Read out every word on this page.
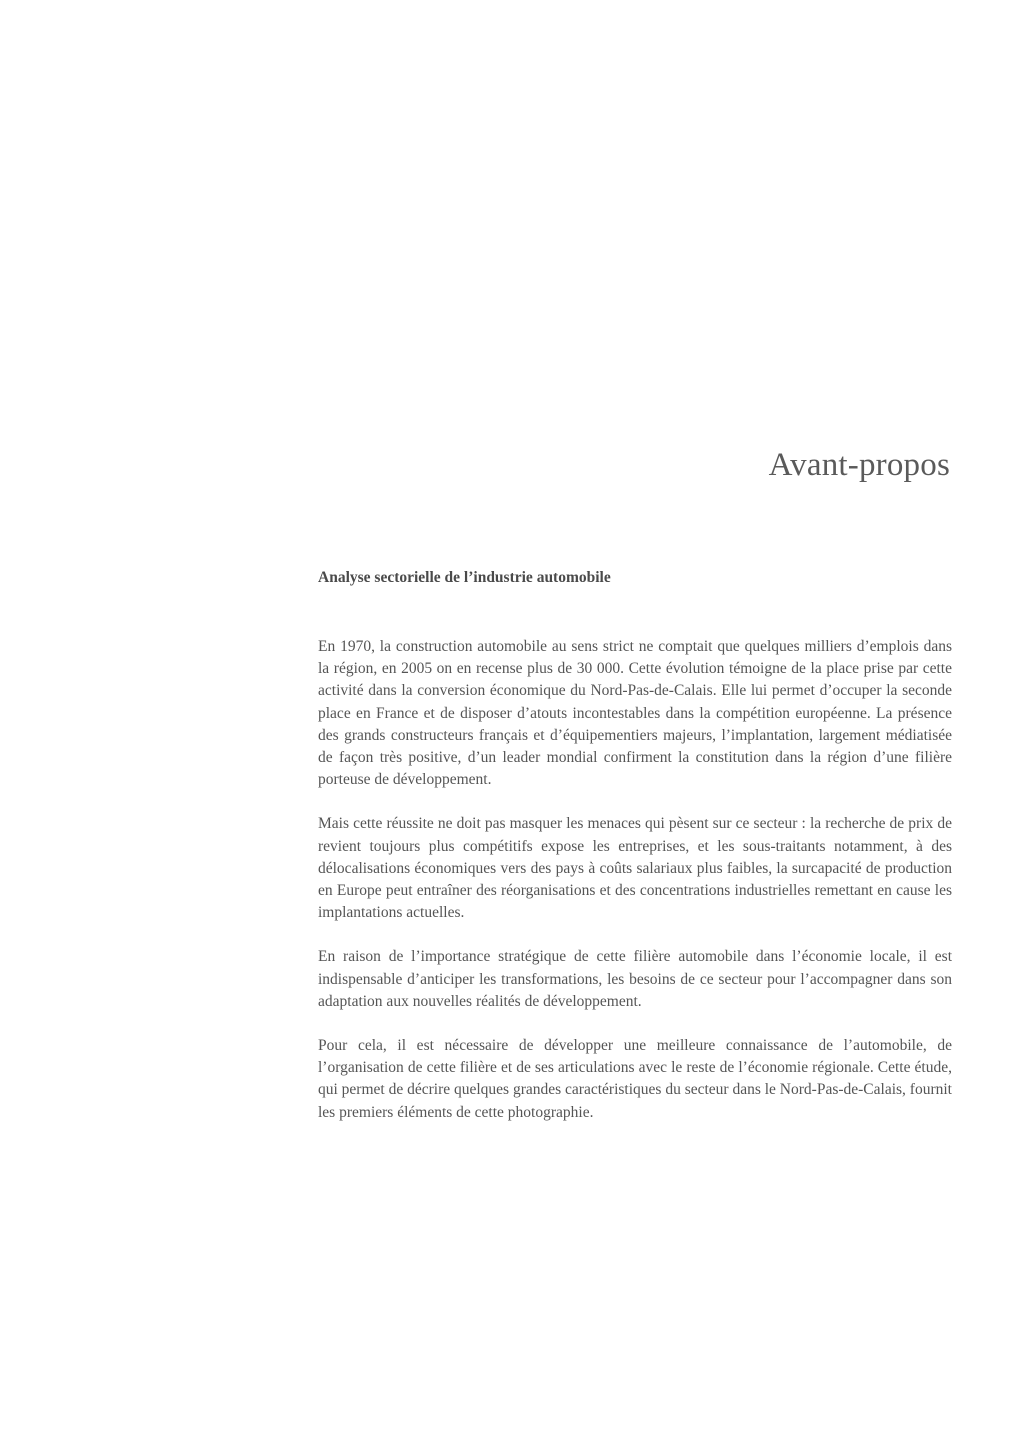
Avant-propos
Analyse sectorielle de l’industrie automobile

En 1970, la construction automobile au sens strict ne comptait que quelques milliers d’emplois dans la région, en 2005 on en recense plus de 30 000. Cette évolution témoigne de la place prise par cette activité dans la conversion économique du Nord-Pas-de-Calais. Elle lui permet d’occuper la seconde place en France et de disposer d’atouts incontestables dans la compétition européenne. La présence des grands constructeurs français et d’équipementiers majeurs, l’implantation, largement médiatisée de façon très positive, d’un leader mondial confirment la constitution dans la région d’une filière porteuse de développement.

Mais cette réussite ne doit pas masquer les menaces qui pèsent sur ce secteur : la recherche de prix de revient toujours plus compétitifs expose les entreprises, et les sous-traitants notamment, à des délocalisations économiques vers des pays à coûts salariaux plus faibles, la surcapacité de production en Europe peut entraîner des réorganisations et des concentrations industrielles remettant en cause les implantations actuelles.

En raison de l’importance stratégique de cette filière automobile dans l’économie locale, il est indispensable d’anticiper les transformations, les besoins de ce secteur pour l’accompagner dans son adaptation aux nouvelles réalités de développement.

Pour cela, il est nécessaire de développer une meilleure connaissance de l’automobile, de l’organisation de cette filière et de ses articulations avec le reste de l’économie régionale. Cette étude, qui permet de décrire quelques grandes caractéristiques du secteur dans le Nord-Pas-de-Calais, fournit les premiers éléments de cette photographie.
